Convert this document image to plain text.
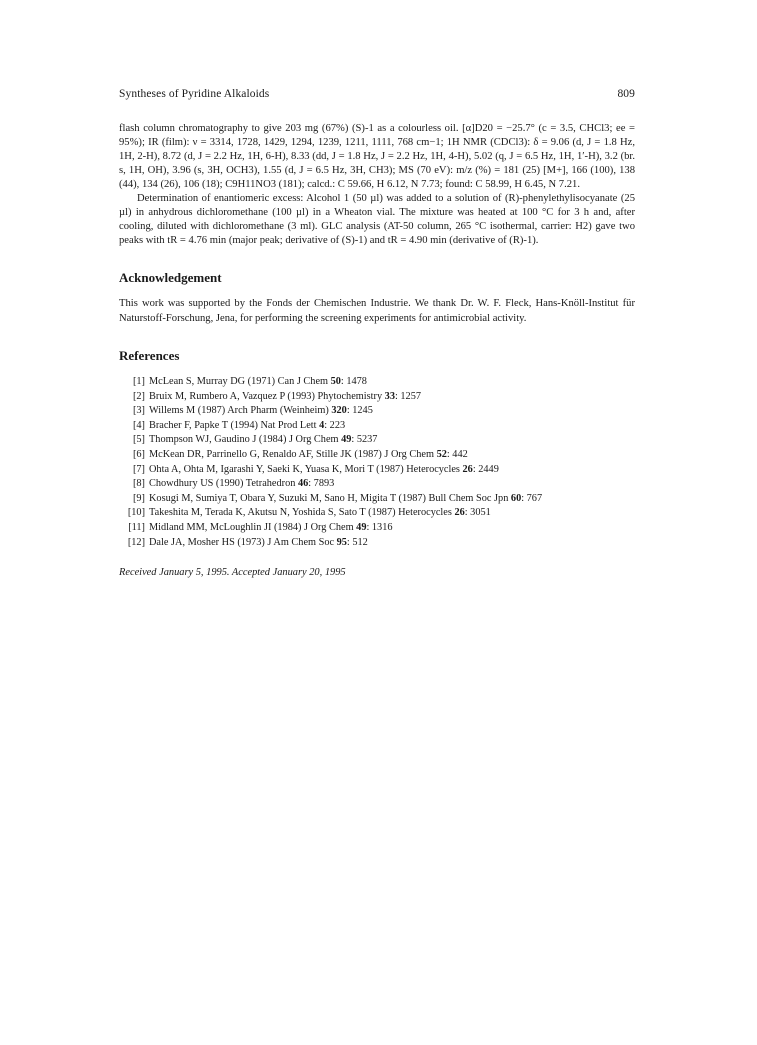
Syntheses of Pyridine Alkaloids	809

flash column chromatography to give 203 mg (67%) (S)-1 as a colourless oil. [α]D20 = −25.7° (c = 3.5, CHCl3; ee = 95%); IR (film): ν = 3314, 1728, 1429, 1294, 1239, 1211, 1111, 768 cm−1; 1H NMR (CDCl3): δ = 9.06 (d, J = 1.8 Hz, 1H, 2-H), 8.72 (d, J = 2.2 Hz, 1H, 6-H), 8.33 (dd, J = 1.8 Hz, J = 2.2 Hz, 1H, 4-H), 5.02 (q, J = 6.5 Hz, 1H, 1′-H), 3.2 (br. s, 1H, OH), 3.96 (s, 3H, OCH3), 1.55 (d, J = 6.5 Hz, 3H, CH3); MS (70 eV): m/z (%) = 181 (25) [M+], 166 (100), 138 (44), 134 (26), 106 (18); C9H11NO3 (181); calcd.: C 59.66, H 6.12, N 7.73; found: C 58.99, H 6.45, N 7.21.

Determination of enantiomeric excess: Alcohol 1 (50 µl) was added to a solution of (R)-phenylethylisocyanate (25 µl) in anhydrous dichloromethane (100 µl) in a Wheaton vial. The mixture was heated at 100 °C for 3 h and, after cooling, diluted with dichloromethane (3 ml). GLC analysis (AT-50 column, 265 °C isothermal, carrier: H2) gave two peaks with tR = 4.76 min (major peak; derivative of (S)-1) and tR = 4.90 min (derivative of (R)-1).

Acknowledgement

This work was supported by the Fonds der Chemischen Industrie. We thank Dr. W. F. Fleck, Hans-Knöll-Institut für Naturstoff-Forschung, Jena, for performing the screening experiments for antimicrobial activity.

References
[1] McLean S, Murray DG (1971) Can J Chem 50: 1478
[2] Bruix M, Rumbero A, Vazquez P (1993) Phytochemistry 33: 1257
[3] Willems M (1987) Arch Pharm (Weinheim) 320: 1245
[4] Bracher F, Papke T (1994) Nat Prod Lett 4: 223
[5] Thompson WJ, Gaudino J (1984) J Org Chem 49: 5237
[6] McKean DR, Parrinello G, Renaldo AF, Stille JK (1987) J Org Chem 52: 442
[7] Ohta A, Ohta M, Igarashi Y, Saeki K, Yuasa K, Mori T (1987) Heterocycles 26: 2449
[8] Chowdhury US (1990) Tetrahedron 46: 7893
[9] Kosugi M, Sumiya T, Obara Y, Suzuki M, Sano H, Migita T (1987) Bull Chem Soc Jpn 60: 767
[10] Takeshita M, Terada K, Akutsu N, Yoshida S, Sato T (1987) Heterocycles 26: 3051
[11] Midland MM, McLoughlin JI (1984) J Org Chem 49: 1316
[12] Dale JA, Mosher HS (1973) J Am Chem Soc 95: 512
Received January 5, 1995. Accepted January 20, 1995
